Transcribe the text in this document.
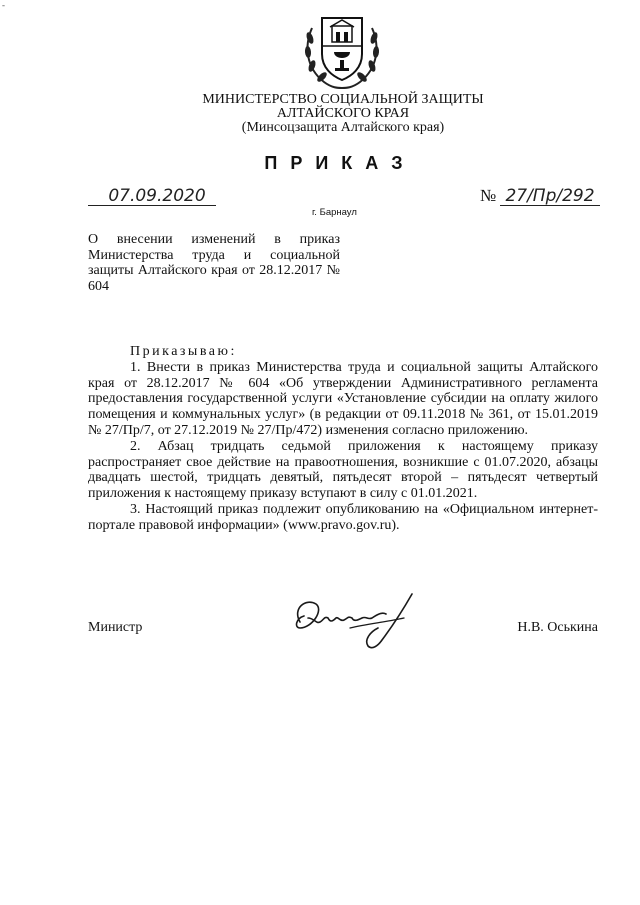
-
МИНИСТЕРСТВО СОЦИАЛЬНОЙ ЗАЩИТЫ
АЛТАЙСКОГО КРАЯ
(Минсоцзащита Алтайского края)
ПРИКАЗ
07.09.2020	№ 27/Пр/292
г. Барнаул
О внесении изменений в приказ Министерства труда и социальной защиты Алтайского края от 28.12.2017 № 604

Приказываю:

1. Внести в приказ Министерства труда и социальной защиты Алтайского края от 28.12.2017 № 604 «Об утверждении Административного регламента предоставления государственной услуги «Установление субсидии на оплату жилого помещения и коммунальных услуг» (в редакции от 09.11.2018 № 361, от 15.01.2019 № 27/Пр/7, от 27.12.2019 № 27/Пр/472) изменения согласно приложению.

2. Абзац тридцать седьмой приложения к настоящему приказу распространяет свое действие на правоотношения, возникшие с 01.07.2020, абзацы двадцать шестой, тридцать девятый, пятьдесят второй – пятьдесят четвертый приложения к настоящему приказу вступают в силу с 01.01.2021.

3. Настоящий приказ подлежит опубликованию на «Официальном интернет-портале правовой информации» (www.pravo.gov.ru).

Министр	Н.В. Оськина
